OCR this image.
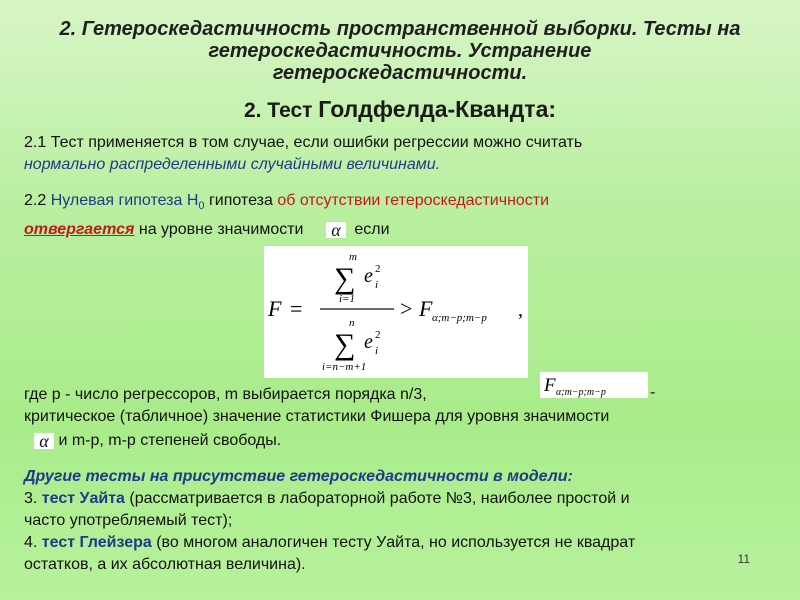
2. Гетероскедастичность пространственной выборки. Тесты на
гетероскедастичность. Устранение
гетероскедастичности.
2. Тест Голдфелда-Квандта:
2.1 Тест применяется в том случае, если ошибки регрессии можно считать
нормально распределенными случайными величинами.
2.2 Нулевая гипотеза $H_0$ гипотеза об отсутствии гетероскедастичности
отвергается на уровне значимости α если
F =
m
∑
i=1
e i
2
n
∑
i=n−m+1
e i
2
> F α;m−p;m−p ,
где p - число регрессоров, m выбирается порядка n/3,
критическое (табличное) значение статистики Фишера для уровня значимости
α и m-p, m-p степеней свободы.
F α;m−p;m−p	-
Другие тесты на присутствие гетероскедастичности в модели:
3. тест Уайта (рассматривается в лабораторной работе №3, наиболее простой и
часто употребляемый тест);
4. тест Глейзера (во многом аналогичен тесту Уайта, но используется не квадрат
остатков, а их абсолютная величина).	11
